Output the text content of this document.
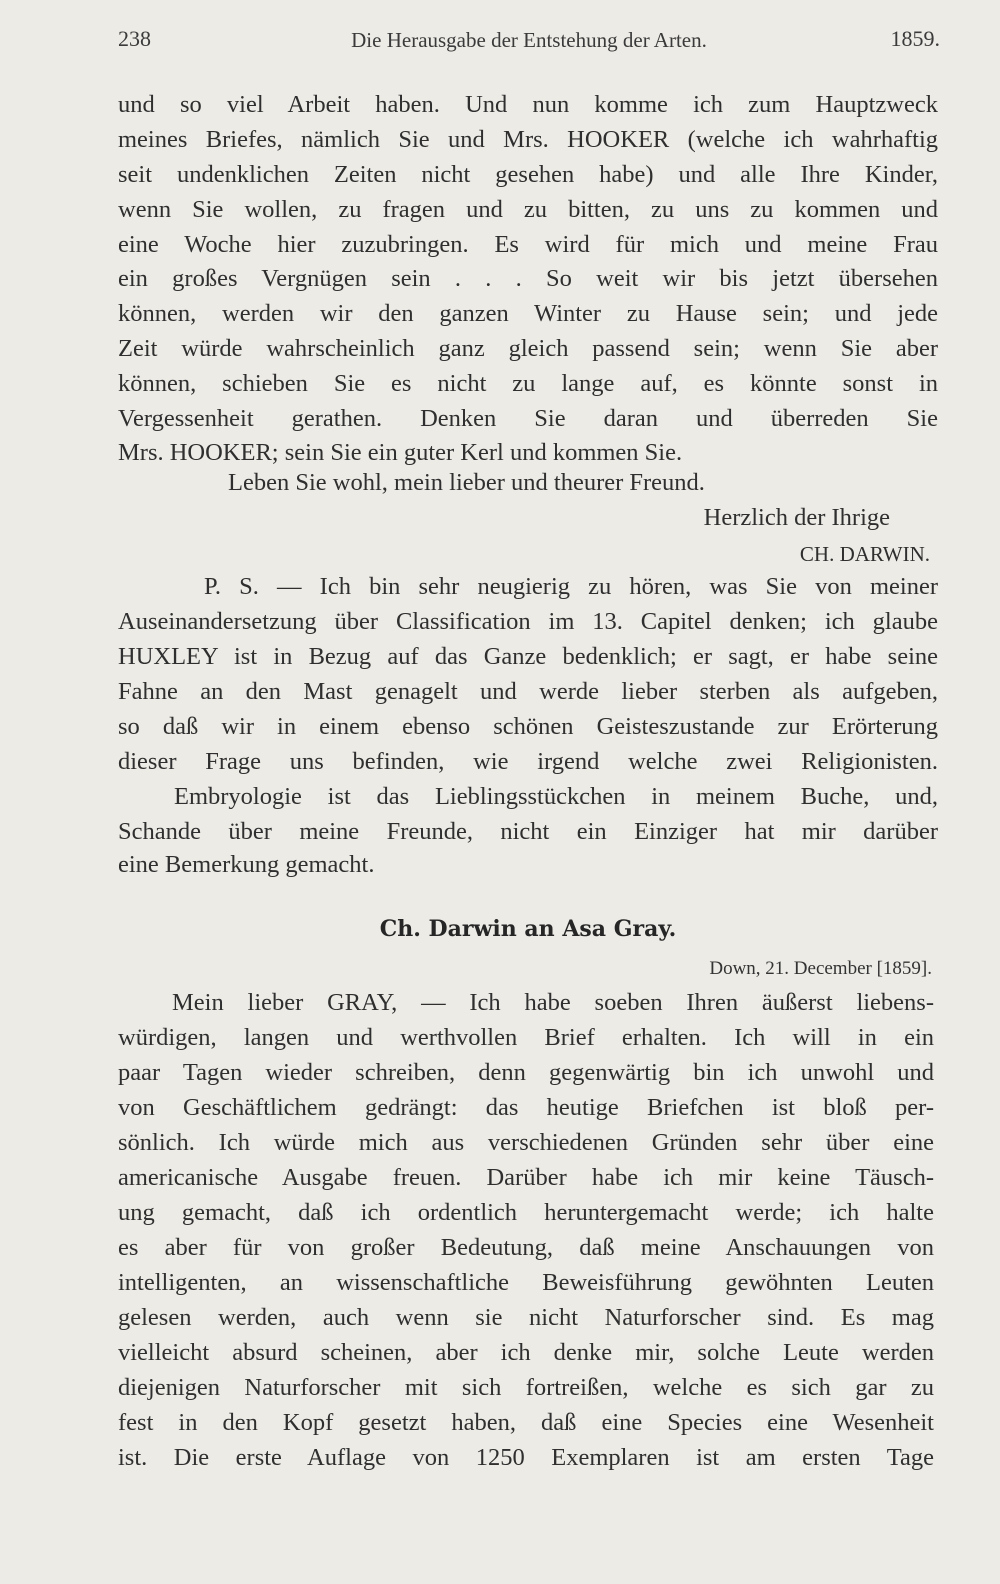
238	Die Herausgabe der Entstehung der Arten.	1859.
und so viel Arbeit haben. Und nun komme ich zum Hauptzweck
meines Briefes, nämlich Sie und Mrs. HOOKER (welche ich wahrhaftig
seit undenklichen Zeiten nicht gesehen habe) und alle Ihre Kinder,
wenn Sie wollen, zu fragen und zu bitten, zu uns zu kommen und
eine Woche hier zuzubringen. Es wird für mich und meine Frau
ein großes Vergnügen sein . . . So weit wir bis jetzt übersehen
können, werden wir den ganzen Winter zu Hause sein; und jede
Zeit würde wahrscheinlich ganz gleich passend sein; wenn Sie aber
können, schieben Sie es nicht zu lange auf, es könnte sonst in
Vergessenheit gerathen. Denken Sie daran und überreden Sie
Mrs. HOOKER; sein Sie ein guter Kerl und kommen Sie.
Leben Sie wohl, mein lieber und theurer Freund.
Herzlich der Ihrige
CH. DARWIN.
P. S. — Ich bin sehr neugierig zu hören, was Sie von meiner
Auseinandersetzung über Classification im 13. Capitel denken; ich glaube
HUXLEY ist in Bezug auf das Ganze bedenklich; er sagt, er habe seine
Fahne an den Mast genagelt und werde lieber sterben als aufgeben,
so daß wir in einem ebenso schönen Geisteszustande zur Erörterung
dieser Frage uns befinden, wie irgend welche zwei Religionisten.
Embryologie ist das Lieblingsstückchen in meinem Buche, und,
Schande über meine Freunde, nicht ein Einziger hat mir darüber
eine Bemerkung gemacht.
Ch. Darwin an Asa Gray.
Down, 21. December [1859].
Mein lieber GRAY, — Ich habe soeben Ihren äußerst liebens-
würdigen, langen und werthvollen Brief erhalten. Ich will in ein
paar Tagen wieder schreiben, denn gegenwärtig bin ich unwohl und
von Geschäftlichem gedrängt: das heutige Briefchen ist bloß per-
sönlich. Ich würde mich aus verschiedenen Gründen sehr über eine
americanische Ausgabe freuen. Darüber habe ich mir keine Täusch-
ung gemacht, daß ich ordentlich heruntergemacht werde; ich halte
es aber für von großer Bedeutung, daß meine Anschauungen von
intelligenten, an wissenschaftliche Beweisführung gewöhnten Leuten
gelesen werden, auch wenn sie nicht Naturforscher sind. Es mag
vielleicht absurd scheinen, aber ich denke mir, solche Leute werden
diejenigen Naturforscher mit sich fortreißen, welche es sich gar zu
fest in den Kopf gesetzt haben, daß eine Species eine Wesenheit
ist. Die erste Auflage von 1250 Exemplaren ist am ersten Tage
